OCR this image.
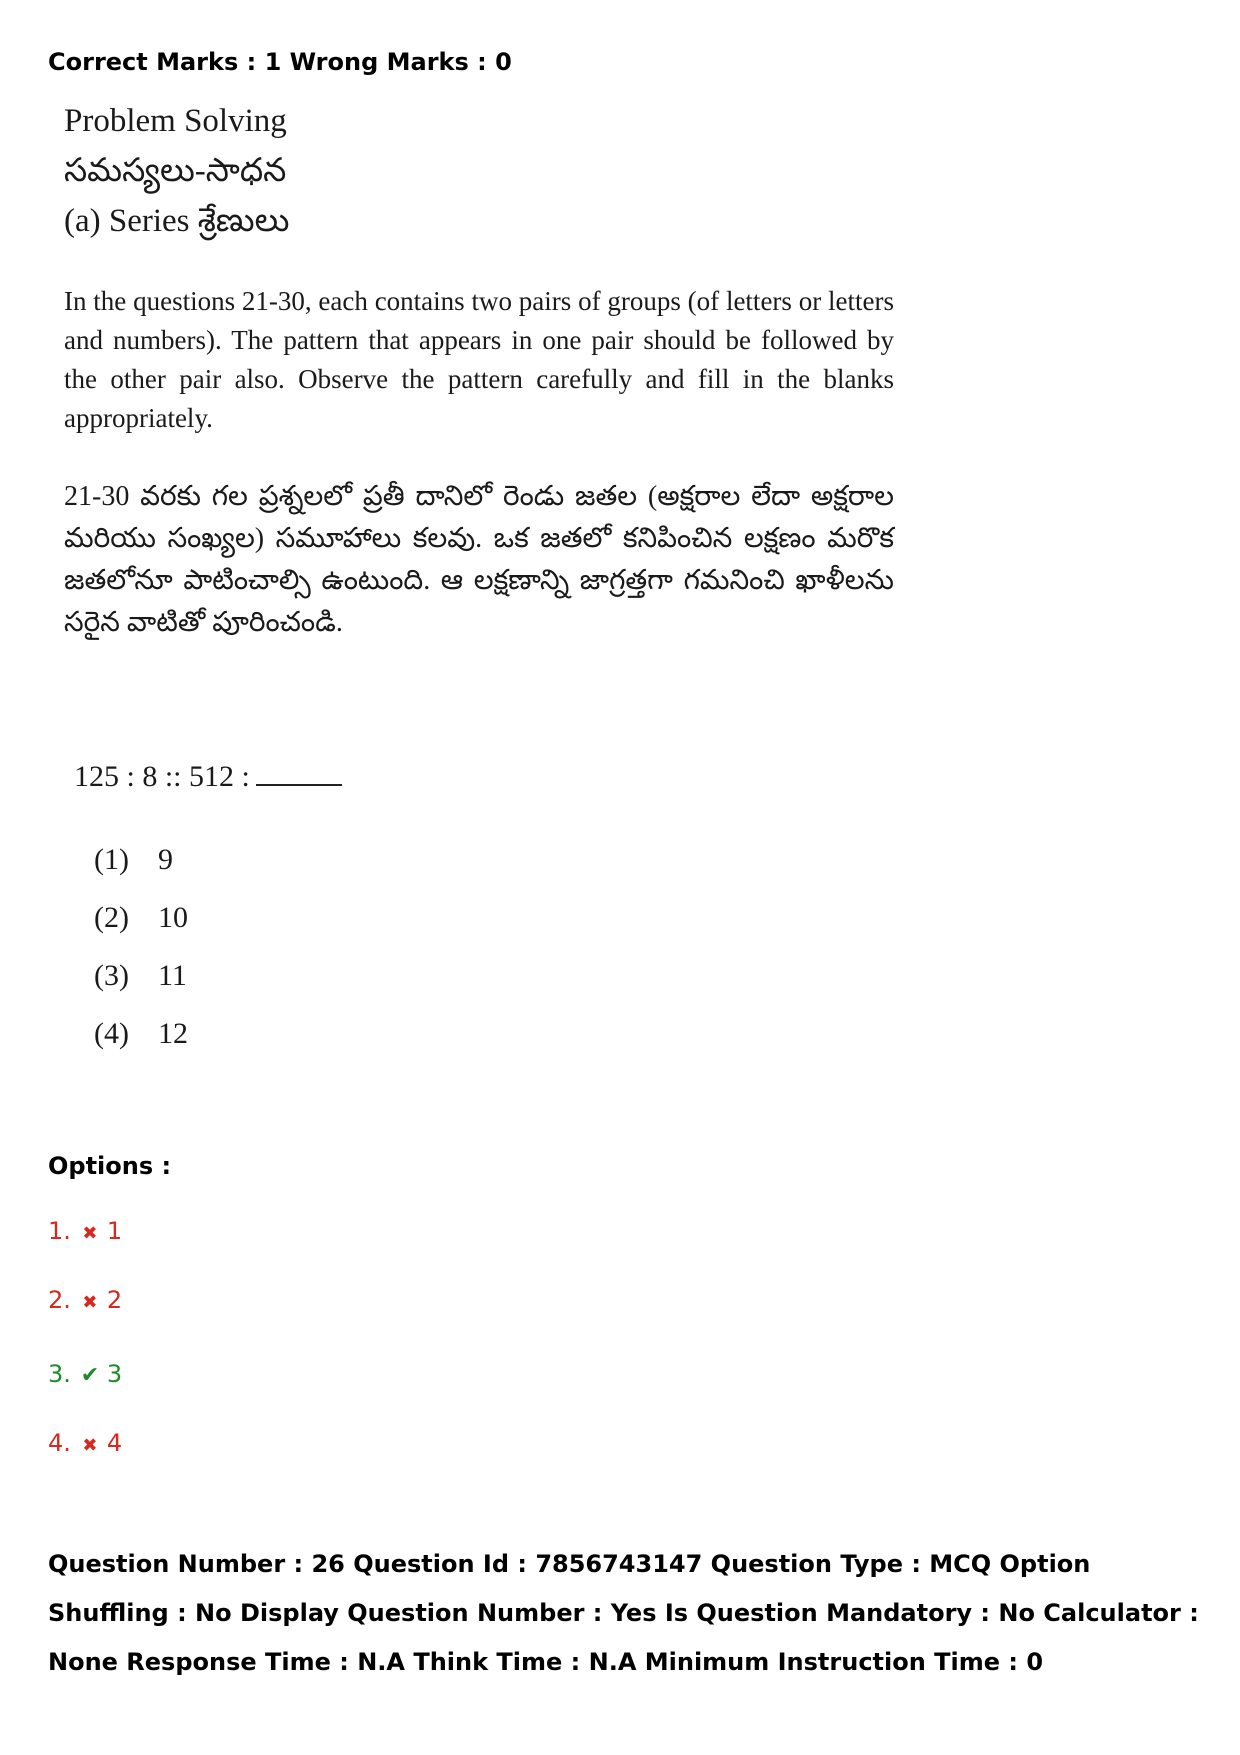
Correct Marks : 1 Wrong Marks : 0
Problem Solving
సమస్యలు-సాధన
(a) Series శ్రేణులు
In the questions 21-30, each contains two pairs of groups (of letters or letters and numbers). The pattern that appears in one pair should be followed by the other pair also. Observe the pattern carefully and fill in the blanks appropriately.
21-30 వరకు గల ప్రశ్నలలో ప్రతీ దానిలో రెండు జతల (అక్షరాల లేదా అక్షరాల మరియు సంఖ్యల) సమూహాలు కలవు. ఒక జతలో కనిపించిన లక్షణం మరొక జతలోనూ పాటించాల్సి ఉంటుంది. ఆ లక్షణాన్ని జాగ్రత్తగా గమనించి ఖాళీలను సరైన వాటితో పూరించండి.
125 : 8 :: 512 :
(1) 9
(2) 10
(3) 11
(4) 12
Options :
1. ✖ 1
2. ✖ 2
3. ✔ 3
4. ✖ 4
Question Number : 26 Question Id : 7856743147 Question Type : MCQ Option Shuffling : No Display Question Number : Yes Is Question Mandatory : No Calculator : None Response Time : N.A Think Time : N.A Minimum Instruction Time : 0
